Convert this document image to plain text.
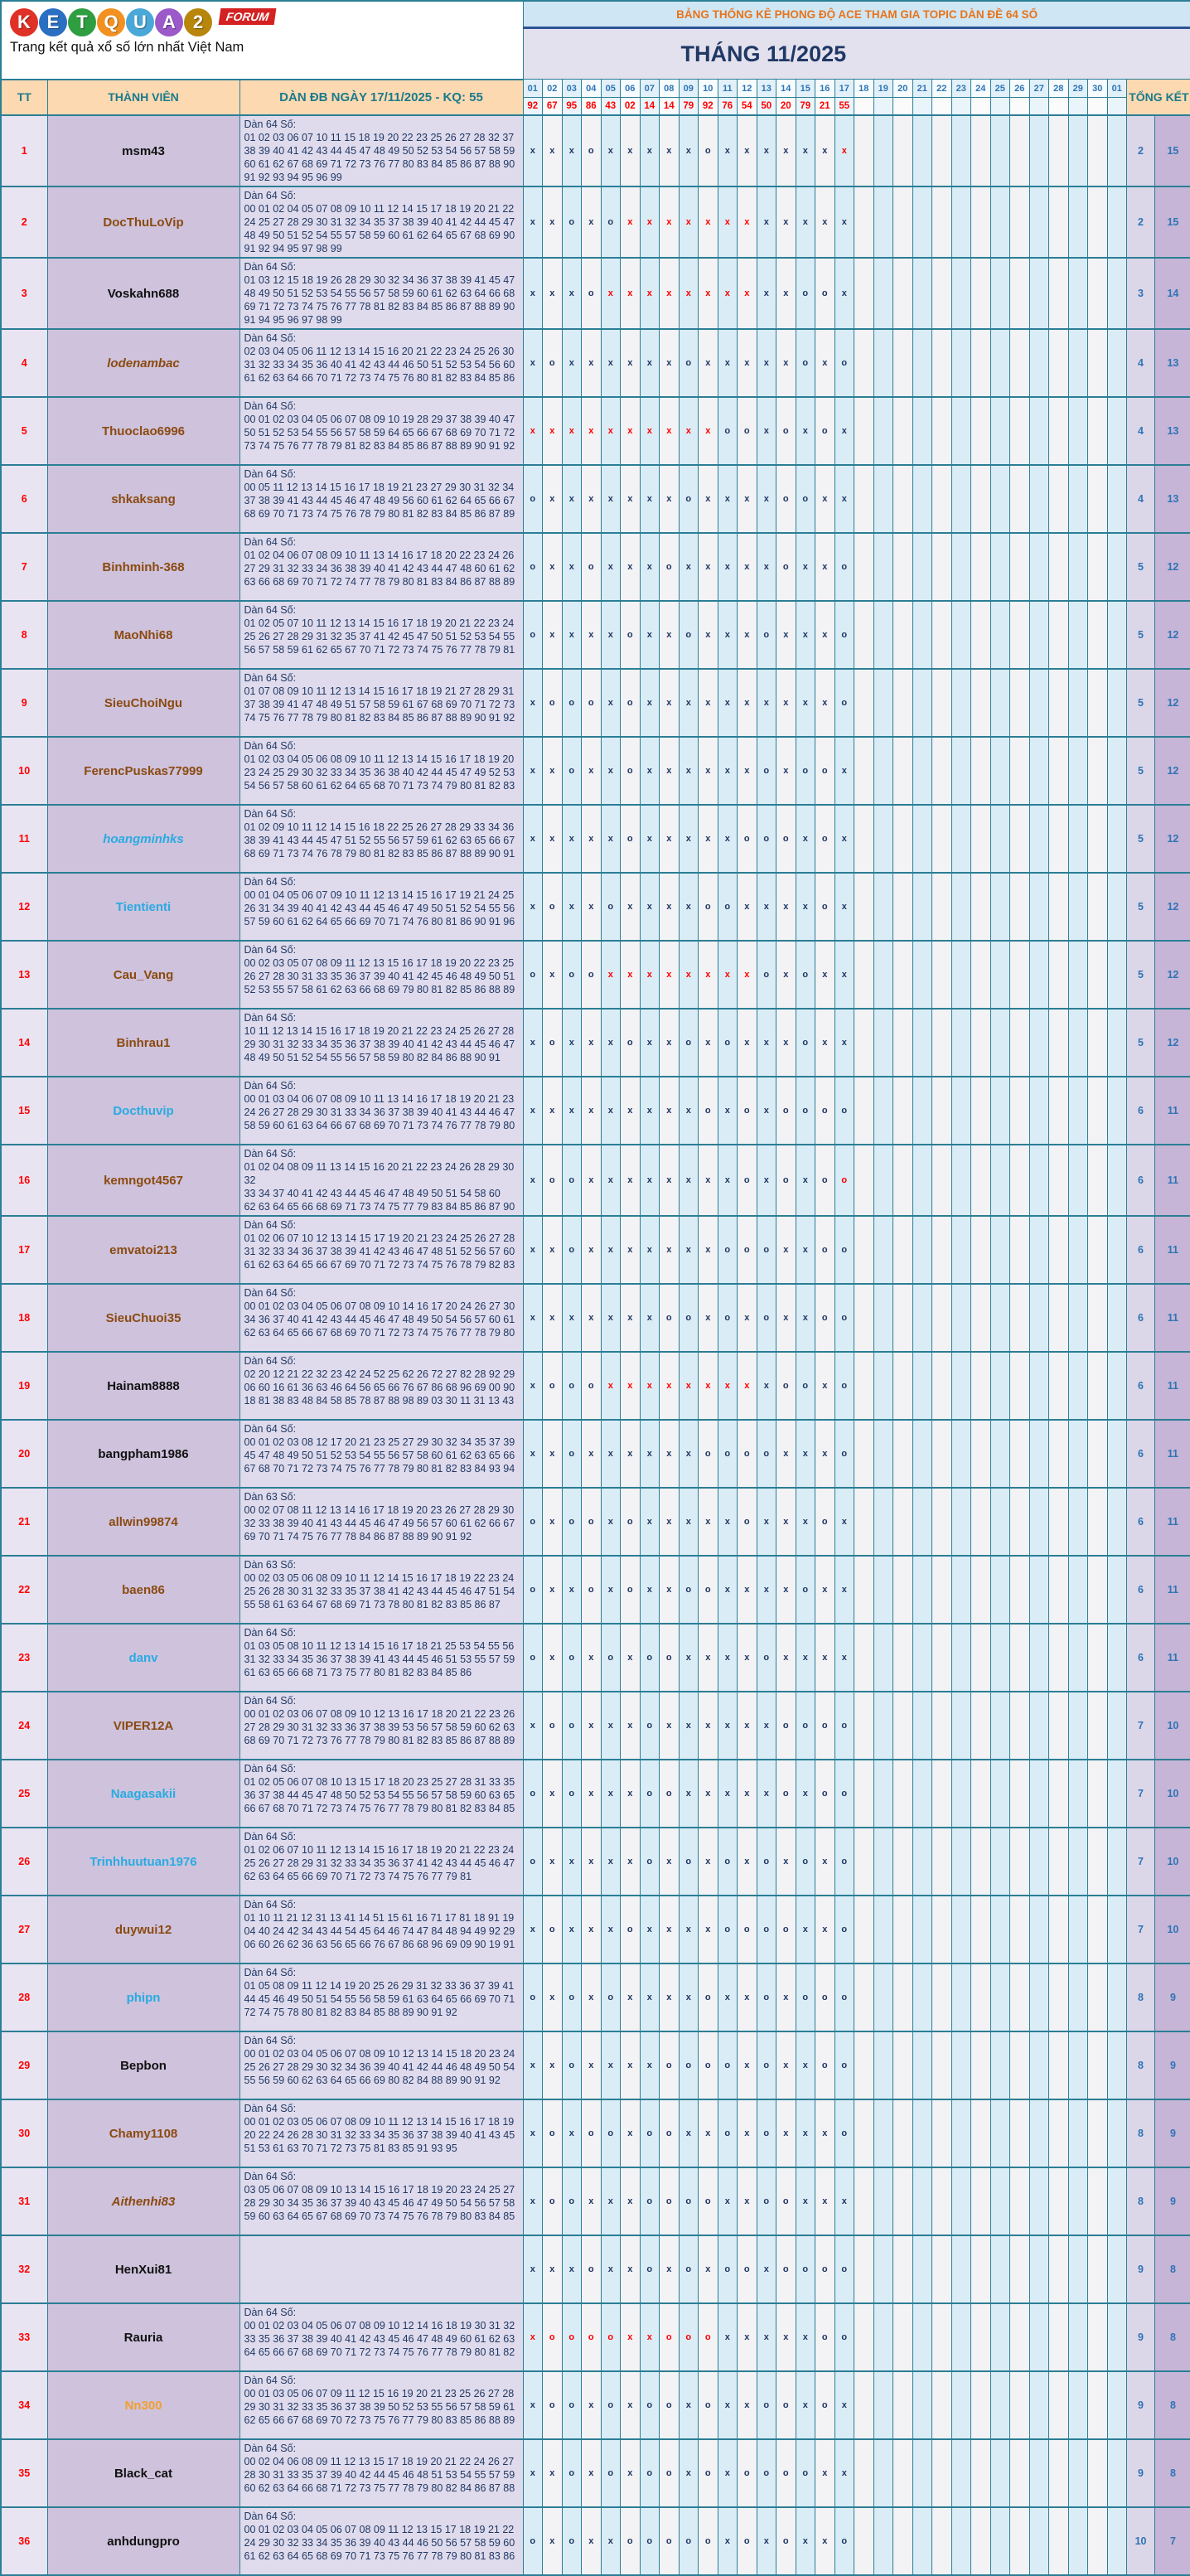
K E T Q U A 2	FORUM
Trang kết quả xổ số lớn nhất Việt Nam
	BẢNG THỐNG KÊ PHONG ĐỘ ACE THAM GIA TOPIC DÀN ĐỀ 64 SỐ
			THÁNG 11/2025																																
TT	THÀNH VIÊN	DÀN ĐB NGÀY 17/11/2025 - KQ: 55	01	02	03	04	05	06	07	08	09	10	11	12	13	14	15	16	17	18	19	20	21	22	23	24	25	26	27	28	29	30	01	TỔNG KẾT	
			92	67	95	86	43	02	14	14	79	92	76	54	50	20	79	21	55																
1	msm43	Dàn 64 Số:
01 02 03 06 07 10 11 15 18 19 20 22 23 25 26 27 28 32 37
38 39 40 41 42 43 44 45 47 48 49 50 52 53 54 56 57 58 59
60 61 62 67 68 69 71 72 73 76 77 80 83 84 85 86 87 88 90
91 92 93 94 95 96 99	x	x	x	o	x	x	x	x	x	o	x	x	x	x	x	x	x															2	15
2	DocThuLoVip	Dàn 64 Số:
00 01 02 04 05 07 08 09 10 11 12 14 15 17 18 19 20 21 22
24 25 27 28 29 30 31 32 34 35 37 38 39 40 41 42 44 45 47
48 49 50 51 52 54 55 57 58 59 60 61 62 64 65 67 68 69 90
91 92 94 95 97 98 99	x	x	o	x	o	x	x	x	x	x	x	x	x	x	x	x	x															2	15
3	Voskahn688	Dàn 64 Số:
01 03 12 15 18 19 26 28 29 30 32 34 36 37 38 39 41 45 47
48 49 50 51 52 53 54 55 56 57 58 59 60 61 62 63 64 66 68
69 71 72 73 74 75 76 77 78 81 82 83 84 85 86 87 88 89 90
91 94 95 96 97 98 99	x	x	x	o	x	x	x	x	x	x	x	x	x	x	o	o	x															3	14
4	lodenambac	Dàn 64 Số:
02 03 04 05 06 11 12 13 14 15 16 20 21 22 23 24 25 26 30
31 32 33 34 35 36 40 41 42 43 44 46 50 51 52 53 54 56 60
61 62 63 64 66 70 71 72 73 74 75 76 80 81 82 83 84 85 86	x	o	x	x	x	x	x	x	o	x	x	x	x	x	o	x	o															4	13
5	Thuoclao6996	Dàn 64 Số:
00 01 02 03 04 05 06 07 08 09 10 19 28 29 37 38 39 40 47
50 51 52 53 54 55 56 57 58 59 64 65 66 67 68 69 70 71 72
73 74 75 76 77 78 79 81 82 83 84 85 86 87 88 89 90 91 92	x	x	x	x	x	x	x	x	x	x	o	o	x	o	x	o	x															4	13
6	shkaksang	Dàn 64 Số:
00 05 11 12 13 14 15 16 17 18 19 21 23 27 29 30 31 32 34
37 38 39 41 43 44 45 46 47 48 49 56 60 61 62 64 65 66 67
68 69 70 71 73 74 75 76 78 79 80 81 82 83 84 85 86 87 89	o	x	x	x	x	x	x	x	o	x	x	x	x	o	o	x	x															4	13
7	Binhminh-368	Dàn 64 Số:
01 02 04 06 07 08 09 10 11 13 14 16 17 18 20 22 23 24 26
27 29 31 32 33 34 36 38 39 40 41 42 43 44 47 48 60 61 62
63 66 68 69 70 71 72 74 77 78 79 80 81 83 84 86 87 88 89	o	x	x	o	x	x	x	o	x	x	x	x	x	o	x	x	o															5	12
8	MaoNhi68	Dàn 64 Số:
01 02 05 07 10 11 12 13 14 15 16 17 18 19 20 21 22 23 24
25 26 27 28 29 31 32 35 37 41 42 45 47 50 51 52 53 54 55
56 57 58 59 61 62 65 67 70 71 72 73 74 75 76 77 78 79 81	o	x	x	x	x	o	x	x	o	x	x	x	o	x	x	x	o															5	12
9	SieuChoiNgu	Dàn 64 Số:
01 07 08 09 10 11 12 13 14 15 16 17 18 19 21 27 28 29 31
37 38 39 41 47 48 49 51 57 58 59 61 67 68 69 70 71 72 73
74 75 76 77 78 79 80 81 82 83 84 85 86 87 88 89 90 91 92	x	o	o	o	x	o	x	x	x	x	x	x	x	x	x	x	o															5	12
10	FerencPuskas77999	Dàn 64 Số:
01 02 03 04 05 06 08 09 10 11 12 13 14 15 16 17 18 19 20
23 24 25 29 30 32 33 34 35 36 38 40 42 44 45 47 49 52 53
54 56 57 58 60 61 62 64 65 68 70 71 73 74 79 80 81 82 83	x	x	o	x	x	o	x	x	x	x	x	x	o	x	o	o	x															5	12
11	hoangminhks	Dàn 64 Số:
01 02 09 10 11 12 14 15 16 18 22 25 26 27 28 29 33 34 36
38 39 41 43 44 45 47 51 52 55 56 57 59 61 62 63 65 66 67
68 69 71 73 74 76 78 79 80 81 82 83 85 86 87 88 89 90 91	x	x	x	x	x	o	x	x	x	x	x	o	o	o	x	o	x															5	12
12	Tientienti	Dàn 64 Số:
00 01 04 05 06 07 09 10 11 12 13 14 15 16 17 19 21 24 25
26 31 34 39 40 41 42 43 44 45 46 47 49 50 51 52 54 55 56
57 59 60 61 62 64 65 66 69 70 71 74 76 80 81 86 90 91 96	x	o	x	x	o	x	x	x	x	o	o	x	x	x	x	o	x															5	12
13	Cau_Vang	Dàn 64 Số:
00 02 03 05 07 08 09 11 12 13 15 16 17 18 19 20 22 23 25
26 27 28 30 31 33 35 36 37 39 40 41 42 45 46 48 49 50 51
52 53 55 57 58 61 62 63 66 68 69 79 80 81 82 85 86 88 89	o	x	o	o	x	x	x	x	x	x	x	x	o	x	o	x	x															5	12
14	Binhrau1	Dàn 64 Số:
10 11 12 13 14 15 16 17 18 19 20 21 22 23 24 25 26 27 28
29 30 31 32 33 34 35 36 37 38 39 40 41 42 43 44 45 46 47
48 49 50 51 52 54 55 56 57 58 59 80 82 84 86 88 90 91	x	o	x	x	x	o	x	x	o	x	o	x	x	x	o	x	x															5	12
15	Docthuvip	Dàn 64 Số:
00 01 03 04 06 07 08 09 10 11 13 14 16 17 18 19 20 21 23
24 26 27 28 29 30 31 33 34 36 37 38 39 40 41 43 44 46 47
58 59 60 61 63 64 66 67 68 69 70 71 73 74 76 77 78 79 80	x	x	x	x	x	x	x	x	x	o	x	o	x	o	o	o	o															6	11
16	kemngot4567	Dàn 64 Số:
01 02 04 08 09 11 13 14 15 16 20 21 22 23 24 26 28 29 30 32
33 34 37 40 41 42 43 44 45 46 47 48 49 50 51 54 58 60
62 63 64 65 66 68 69 71 73 74 75 77 79 83 84 85 86 87 90	x	o	o	x	x	x	x	x	x	x	x	o	x	o	x	o	o															6	11
17	emvatoi213	Dàn 64 Số:
01 02 06 07 10 12 13 14 15 17 19 20 21 23 24 25 26 27 28
31 32 33 34 36 37 38 39 41 42 43 46 47 48 51 52 56 57 60
61 62 63 64 65 66 67 69 70 71 72 73 74 75 76 78 79 82 83	x	x	o	x	x	x	x	x	x	x	o	o	o	x	x	o	o															6	11
18	SieuChuoi35	Dàn 64 Số:
00 01 02 03 04 05 06 07 08 09 10 14 16 17 20 24 26 27 30
34 36 37 40 41 42 43 44 45 46 47 48 49 50 54 56 57 60 61
62 63 64 65 66 67 68 69 70 71 72 73 74 75 76 77 78 79 80	x	x	x	x	x	x	x	o	o	x	o	x	o	x	x	o	o															6	11
19	Hainam8888	Dàn 64 Số:
02 20 12 21 22 32 23 42 24 52 25 62 26 72 27 82 28 92 29
06 60 16 61 36 63 46 64 56 65 66 76 67 86 68 96 69 00 90
18 81 38 83 48 84 58 85 78 87 88 98 89 03 30 11 31 13 43	x	o	o	o	x	x	x	x	x	x	x	x	x	o	o	x	o															6	11
20	bangpham1986	Dàn 64 Số:
00 01 02 03 08 12 17 20 21 23 25 27 29 30 32 34 35 37 39
45 47 48 49 50 51 52 53 54 55 56 57 58 60 61 62 63 65 66
67 68 70 71 72 73 74 75 76 77 78 79 80 81 82 83 84 93 94	x	x	o	x	x	x	x	x	x	o	o	o	o	x	x	x	o															6	11
21	allwin99874	Dàn 63 Số:
00 02 07 08 11 12 13 14 16 17 18 19 20 23 26 27 28 29 30
32 33 38 39 40 41 43 44 45 46 47 49 56 57 60 61 62 66 67
69 70 71 74 75 76 77 78 84 86 87 88 89 90 91 92	o	x	o	o	x	o	x	x	x	x	x	o	x	x	x	o	x															6	11
22	baen86	Dàn 63 Số:
00 02 03 05 06 08 09 10 11 12 14 15 16 17 18 19 22 23 24
25 26 28 30 31 32 33 35 37 38 41 42 43 44 45 46 47 51 54
55 58 61 63 64 67 68 69 71 73 78 80 81 82 83 85 86 87	o	x	x	o	x	o	x	x	o	o	x	x	x	x	o	x	x															6	11
23	danv	Dàn 64 Số:
01 03 05 08 10 11 12 13 14 15 16 17 18 21 25 53 54 55 56
31 32 33 34 35 36 37 38 39 41 43 44 45 46 51 53 55 57 59
61 63 65 66 68 71 73 75 77 80 81 82 83 84 85 86	o	x	o	x	o	x	o	o	x	x	x	x	o	x	x	x	x															6	11
24	VIPER12A	Dàn 64 Số:
00 01 02 03 06 07 08 09 10 12 13 16 17 18 20 21 22 23 26
27 28 29 30 31 32 33 36 37 38 39 53 56 57 58 59 60 62 63
68 69 70 71 72 73 76 77 78 79 80 81 82 83 85 86 87 88 89	x	o	o	x	x	x	o	x	x	x	x	x	x	o	o	o	o															7	10
25	Naagasakii	Dàn 64 Số:
01 02 05 06 07 08 10 13 15 17 18 20 23 25 27 28 31 33 35
36 37 38 44 45 47 48 50 52 53 54 55 56 57 58 59 60 63 65
66 67 68 70 71 72 73 74 75 76 77 78 79 80 81 82 83 84 85	o	x	o	x	x	x	o	o	x	x	x	x	x	o	x	o	o															7	10
26	Trinhhuutuan1976	Dàn 64 Số:
01 02 06 07 10 11 12 13 14 15 16 17 18 19 20 21 22 23 24
25 26 27 28 29 31 32 33 34 35 36 37 41 42 43 44 45 46 47
62 63 64 65 66 69 70 71 72 73 74 75 76 77 79 81	o	x	x	x	x	x	o	x	o	x	o	x	o	x	o	x	o															7	10
27	duywui12	Dàn 64 Số:
01 10 11 21 12 31 13 41 14 51 15 61 16 71 17 81 18 91 19
04 40 24 42 34 43 44 54 45 64 46 74 47 84 48 94 49 92 29
06 60 26 62 36 63 56 65 66 76 67 86 68 96 69 09 90 19 91	x	o	x	x	x	o	x	x	x	x	o	o	o	o	x	x	o															7	10
28	phipn	Dàn 64 Số:
01 05 08 09 11 12 14 19 20 25 26 29 31 32 33 36 37 39 41
44 45 46 49 50 51 54 55 56 58 59 61 63 64 65 66 69 70 71
72 74 75 78 80 81 82 83 84 85 88 89 90 91 92	o	x	o	x	o	x	x	x	x	o	x	x	o	x	o	o	o															8	9
29	Bepbon	Dàn 64 Số:
00 01 02 03 04 05 06 07 08 09 10 12 13 14 15 18 20 23 24
25 26 27 28 29 30 32 34 36 39 40 41 42 44 46 48 49 50 54
55 56 59 60 62 63 64 65 66 69 80 82 84 88 89 90 91 92	x	x	o	x	x	x	x	o	o	o	o	x	o	x	x	o	o															8	9
30	Chamy1108	Dàn 64 Số:
00 01 02 03 05 06 07 08 09 10 11 12 13 14 15 16 17 18 19
20 22 24 26 28 30 31 32 33 34 35 36 37 38 39 40 41 43 45
51 53 61 63 70 71 72 73 75 81 83 85 91 93 95	x	o	x	o	o	x	o	o	x	x	o	x	o	x	x	x	o															8	9
31	Aithenhi83	Dàn 64 Số:
03 05 06 07 08 09 10 13 14 15 16 17 18 19 20 23 24 25 27
28 29 30 34 35 36 37 39 40 43 45 46 47 49 50 54 56 57 58
59 60 63 64 65 67 68 69 70 73 74 75 76 78 79 80 83 84 85	x	o	o	x	x	x	o	o	o	o	x	x	o	o	x	x	x															8	9
32	HenXui81		x	x	x	o	x	x	o	x	o	x	o	o	x	o	o	o	o															9	8
33	Rauria	Dàn 64 Số:
00 01 02 03 04 05 06 07 08 09 10 12 14 16 18 19 30 31 32
33 35 36 37 38 39 40 41 42 43 45 46 47 48 49 60 61 62 63
64 65 66 67 68 69 70 71 72 73 74 75 76 77 78 79 80 81 82	x	o	o	o	o	x	x	o	o	o	x	x	x	x	x	o	o															9	8
34	Nn300	Dàn 64 Số:
00 01 03 05 06 07 09 11 12 15 16 19 20 21 23 25 26 27 28
29 30 31 32 33 35 36 37 38 39 50 52 53 55 56 57 58 59 61
62 65 66 67 68 69 70 72 73 75 76 77 79 80 83 85 86 88 89	x	o	o	x	o	x	o	o	x	o	x	x	o	o	x	o	x															9	8
35	Black_cat	Dàn 64 Số:
00 02 04 06 08 09 11 12 13 15 17 18 19 20 21 22 24 26 27
28 30 31 33 35 37 39 40 42 44 45 46 48 51 53 54 55 57 59
60 62 63 64 66 68 71 72 73 75 77 78 79 80 82 84 86 87 88	x	x	o	x	o	x	o	o	x	o	x	o	o	o	o	x	x															9	8
36	anhdungpro	Dàn 64 Số:
00 01 02 03 04 05 06 07 08 09 11 12 13 15 17 18 19 21 22
24 29 30 32 33 34 35 36 39 40 43 44 46 50 56 57 58 59 60
61 62 63 64 65 68 69 70 71 73 75 76 77 78 79 80 81 83 86	o	x	o	x	x	o	o	o	o	o	x	o	x	o	x	x	o															10	7
